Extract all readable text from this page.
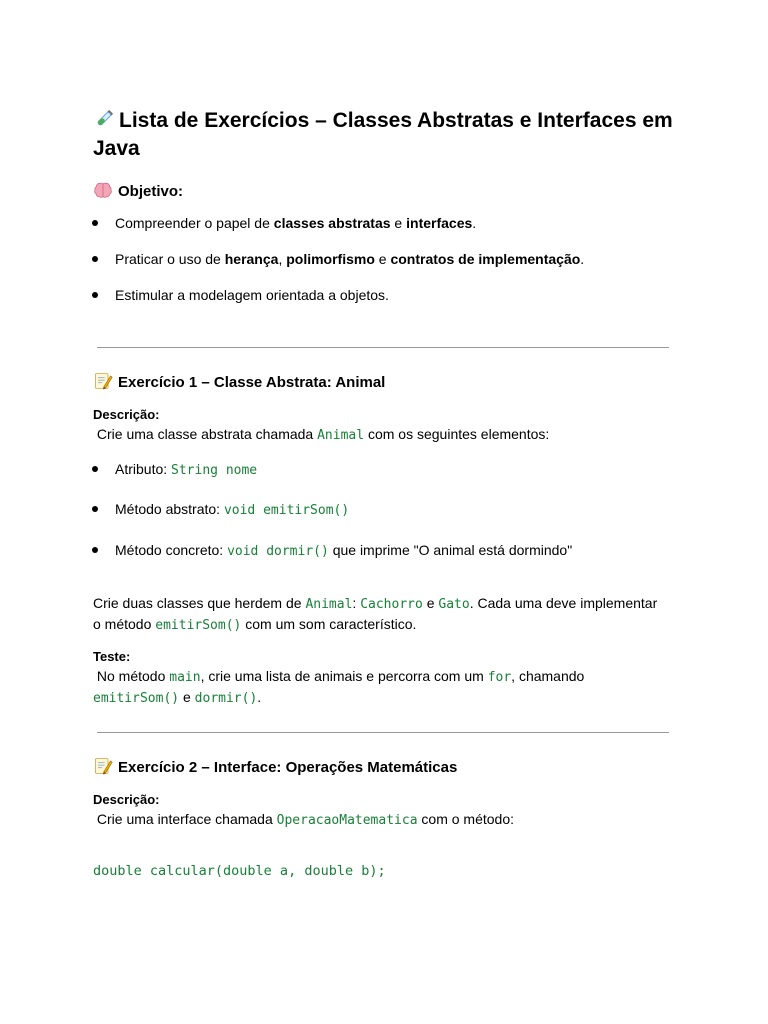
Lista de Exercícios – Classes Abstratas e Interfaces em Java
Objetivo:
Compreender o papel de classes abstratas e interfaces.
Praticar o uso de herança, polimorfismo e contratos de implementação.
Estimular a modelagem orientada a objetos.
Exercício 1 – Classe Abstrata: Animal
Descrição:
Crie uma classe abstrata chamada Animal com os seguintes elementos:
Atributo: String nome
Método abstrato: void emitirSom()
Método concreto: void dormir() que imprime "O animal está dormindo"
Crie duas classes que herdem de Animal: Cachorro e Gato. Cada uma deve implementar
o método emitirSom() com um som característico.
Teste:
No método main, crie uma lista de animais e percorra com um for, chamando
emitirSom() e dormir().
Exercício 2 – Interface: Operações Matemáticas
Descrição:
Crie uma interface chamada OperacaoMatematica com o método:
double calcular(double a, double b);
